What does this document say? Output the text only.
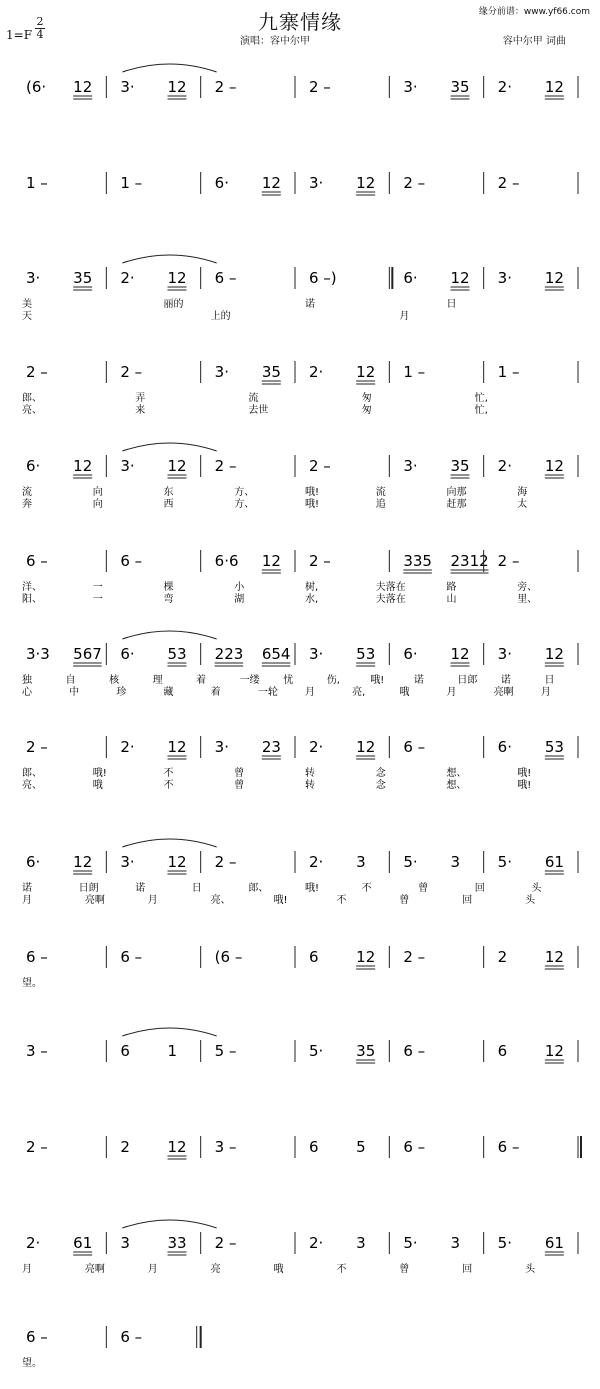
九寨情缘
1=F
2
4
演唱：容中尔甲	容中尔甲 词曲
缘分前谱：www.yf66.com
(6· 12 3· 12 2 –	2 –	3· 35 2· 12
1 –	1 –	6· 12 3· 12 2 –	2 –
3· 35 2· 12 6 –	6 –)	6· 12 3· 12
美	丽的	诺	日
天	上的	月
2 –	2 –	3· 35 2· 12 1 –	1 –
郎、	弄	流	匆	忙,
亮、	来	去世	匆	忙,
6· 12 3· 12 2 –	2 –	3· 35 2· 12
流	向	东	方、	哦!	流	向那	海
奔	向	西	方、	哦!	追	赶那	太
6 –	6 –	6·6 12 2 –	335 2312 2 –
洋、	一	棵	小	树,	夫落在	路	旁、
阳、	一	弯	湖	水,	夫落在	山	里、
3·3 567 6· 53 223 654 3· 53 6· 12 3· 12
独	自	核	理	着	一缕 忧	伤,	哦!	诺	日郎 诺	日
心	中	珍	藏	着	一轮	月	亮,	哦	月	亮啊	月
2 –	2· 12 3· 23 2· 12 6 –	6· 53
郎、	哦!	不	曾	转	念	想、	哦!
亮、	哦	不	曾	转	念	想、	哦!
6· 12 3· 12 2 –	2· 3	5· 3	5· 61
诺	日朗	诺	日	郎、	哦!	不	曾	回	头
月	亮啊	月	亮、	哦!	不	曾	回	头
6 –	6 –	(6 –	6	12 2 –	2	12
望。
3 –	6	1	5 –	5· 35 6 –	6	12
2 –	2	12 3 –	6	5	6 –	6 –
2· 61 3	33 2 –	2· 3	5· 3	5· 61
月	亮啊	月	亮	哦	不	曾	回	头
6 –	6 –
望。
